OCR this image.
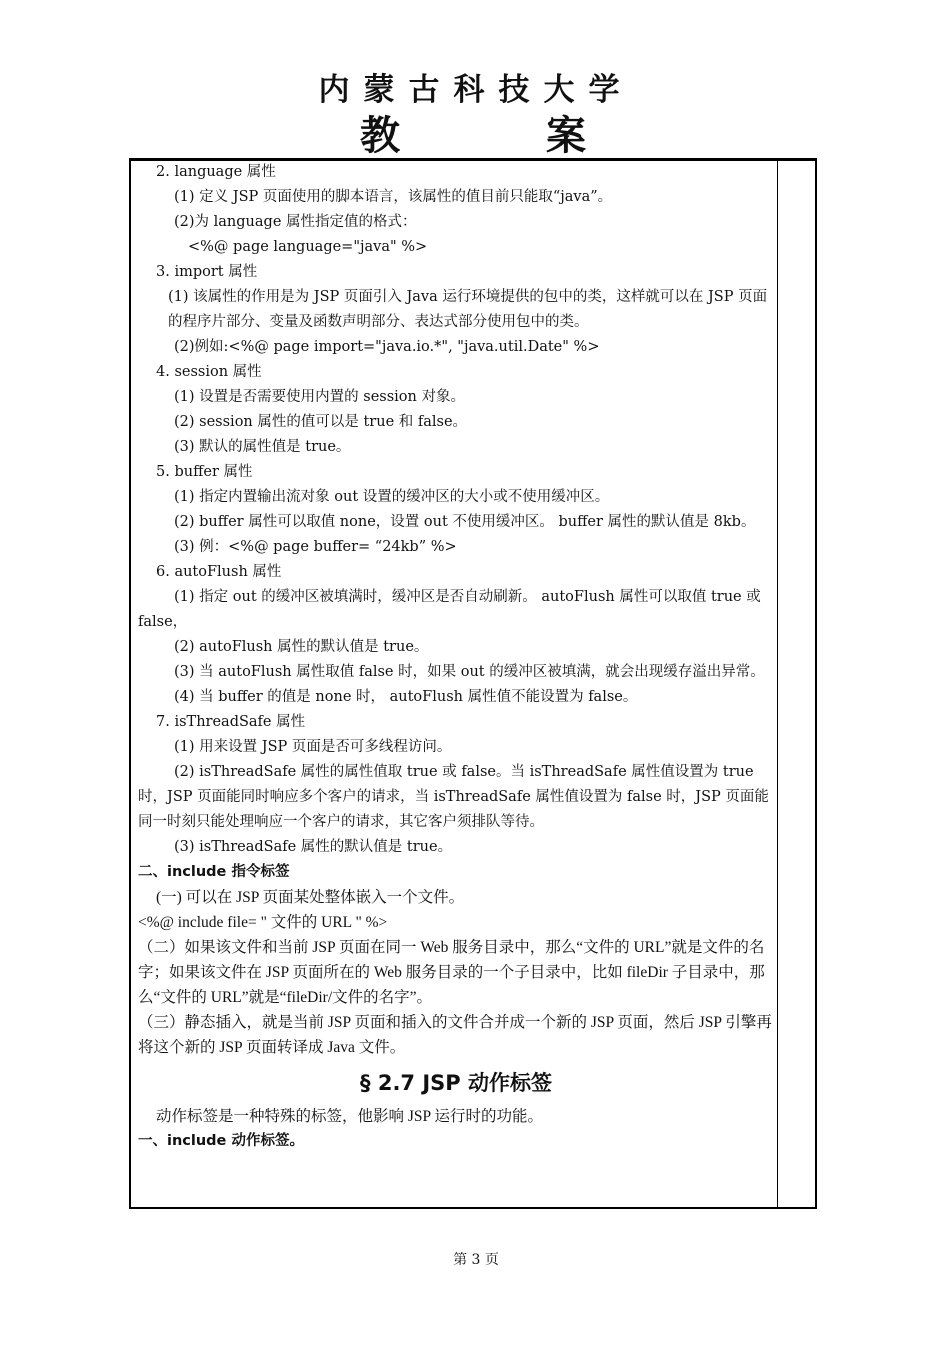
内蒙古科技大学
教 案

2. language 属性

(1) 定义 JSP 页面使用的脚本语言，该属性的值目前只能取“java”。

(2)为 language 属性指定值的格式：

<%@ page language="java" %>

3. import 属性

(1) 该属性的作用是为 JSP 页面引入 Java 运行环境提供的包中的类，这样就可以在 JSP 页面的程序片部分、变量及函数声明部分、表达式部分使用包中的类。

(2)例如:<%@ page import="java.io.*", "java.util.Date" %>

4. session 属性

(1) 设置是否需要使用内置的 session 对象。

(2) session 属性的值可以是 true 和 false。

(3) 默认的属性值是 true。

5. buffer 属性

(1) 指定内置输出流对象 out 设置的缓冲区的大小或不使用缓冲区。

(2) buffer 属性可以取值 none，设置 out 不使用缓冲区。 buffer 属性的默认值是 8kb。

(3) 例：<%@ page buffer= “24kb” %>

6. autoFlush 属性

(1) 指定 out 的缓冲区被填满时，缓冲区是否自动刷新。 autoFlush 属性可以取值 true 或 false，

(2) autoFlush 属性的默认值是 true。

(3) 当 autoFlush 属性取值 false 时，如果 out 的缓冲区被填满，就会出现缓存溢出异常。

(4) 当 buffer 的值是 none 时， autoFlush 属性值不能设置为 false。

7. isThreadSafe 属性

(1) 用来设置 JSP 页面是否可多线程访问。

(2) isThreadSafe 属性的属性值取 true 或 false。当 isThreadSafe 属性值设置为 true 时，JSP 页面能同时响应多个客户的请求，当 isThreadSafe 属性值设置为 false 时，JSP 页面能同一时刻只能处理响应一个客户的请求，其它客户须排队等待。

(3) isThreadSafe 属性的默认值是 true。

二、include 指令标签

(一) 可以在 JSP 页面某处整体嵌入一个文件。

<%@ include file= " 文件的 URL " %>

（二）如果该文件和当前 JSP 页面在同一 Web 服务目录中，那么“文件的 URL”就是文件的名字；如果该文件在 JSP 页面所在的 Web 服务目录的一个子目录中，比如 fileDir 子目录中，那么“文件的 URL”就是“fileDir/文件的名字”。

（三）静态插入，就是当前 JSP 页面和插入的文件合并成一个新的 JSP 页面，然后 JSP 引擎再将这个新的 JSP 页面转译成 Java 文件。

§ 2.7 JSP 动作标签

动作标签是一种特殊的标签，他影响 JSP 运行时的功能。

一、include 动作标签。

第 3 页
